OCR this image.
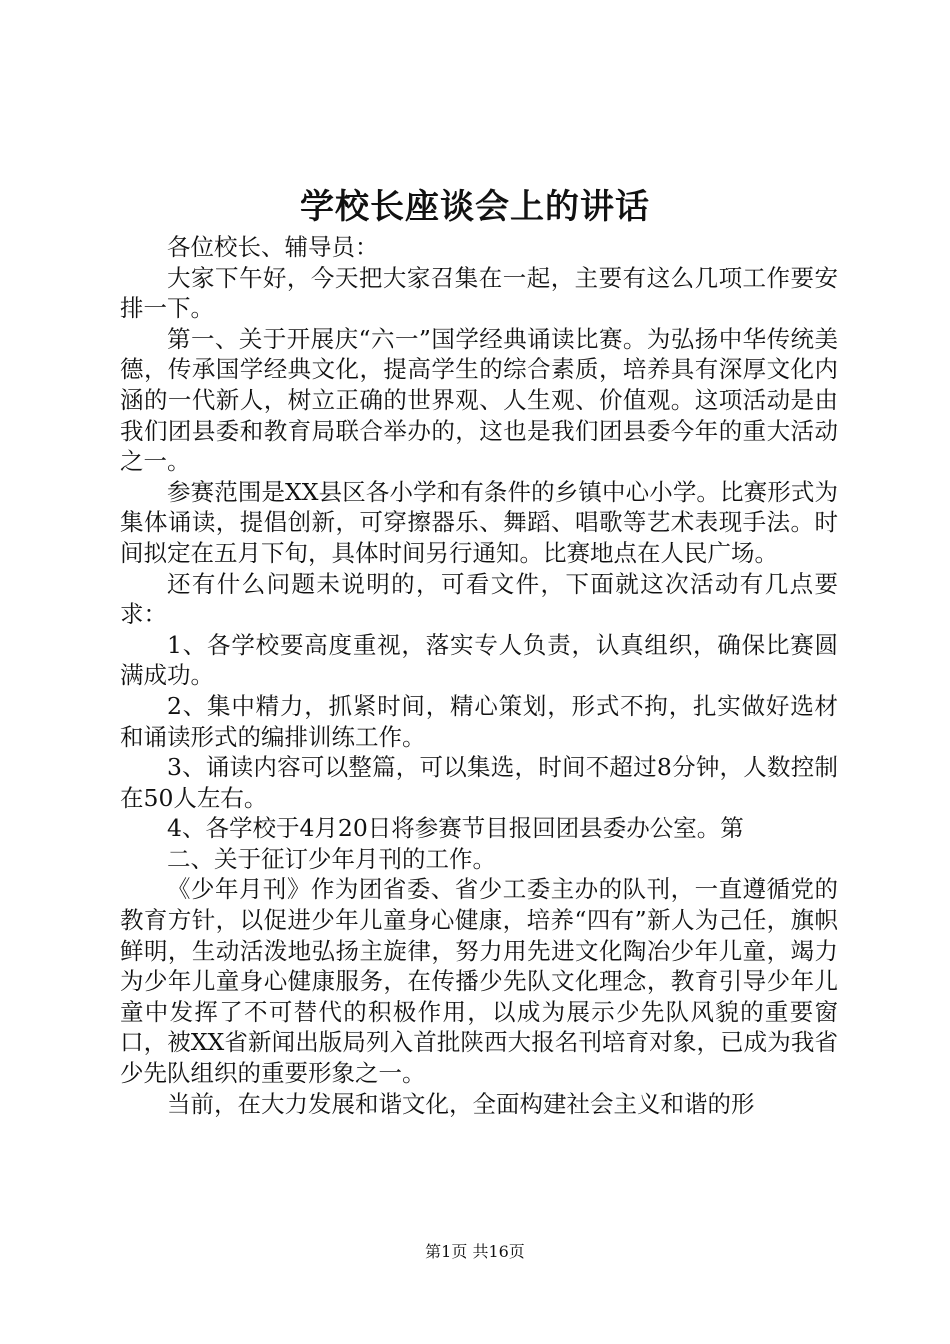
学校长座谈会上的讲话

各位校长、辅导员：

大家下午好，今天把大家召集在一起，主要有这么几项工作要安排一下。

第一、关于开展庆“六一”国学经典诵读比赛。为弘扬中华传统美德，传承国学经典文化，提高学生的综合素质，培养具有深厚文化内涵的一代新人，树立正确的世界观、人生观、价值观。这项活动是由我们团县委和教育局联合举办的，这也是我们团县委今年的重大活动之一。

参赛范围是XX县区各小学和有条件的乡镇中心小学。比赛形式为集体诵读，提倡创新，可穿擦器乐、舞蹈、唱歌等艺术表现手法。时间拟定在五月下旬，具体时间另行通知。比赛地点在人民广场。

还有什么问题未说明的，可看文件，下面就这次活动有几点要求：

1、各学校要高度重视，落实专人负责，认真组织，确保比赛圆满成功。

2、集中精力，抓紧时间，精心策划，形式不拘，扎实做好选材和诵读形式的编排训练工作。

3、诵读内容可以整篇，可以集选，时间不超过8分钟，人数控制在50人左右。

4、各学校于4月20日将参赛节目报回团县委办公室。第

二、关于征订少年月刊的工作。

《少年月刊》作为团省委、省少工委主办的队刊，一直遵循党的教育方针，以促进少年儿童身心健康，培养“四有”新人为己任，旗帜鲜明，生动活泼地弘扬主旋律，努力用先进文化陶冶少年儿童，竭力为少年儿童身心健康服务，在传播少先队文化理念，教育引导少年儿童中发挥了不可替代的积极作用，以成为展示少先队风貌的重要窗口，被XX省新闻出版局列入首批陕西大报名刊培育对象，已成为我省少先队组织的重要形象之一。

当前，在大力发展和谐文化，全面构建社会主义和谐的形

第1页 共16页
